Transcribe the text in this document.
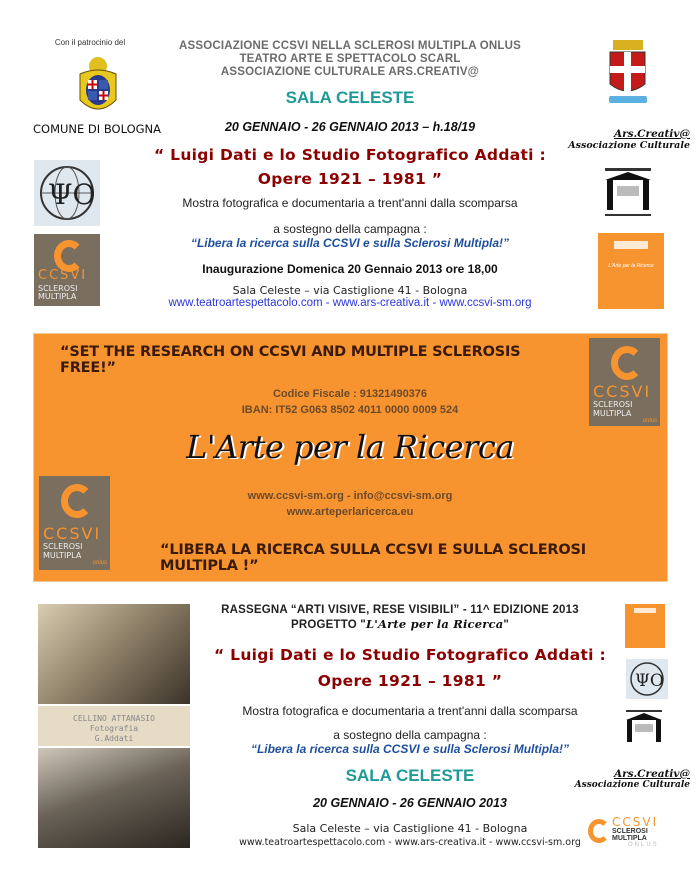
Con il patrocinio del
COMUNE DI BOLOGNA
ASSOCIAZIONE CCSVI NELLA SCLEROSI MULTIPLA ONLUS
TEATRO ARTE E SPETTACOLO SCARL
ASSOCIAZIONE CULTURALE ARS.CREATIV@
SALA CELESTE
20 GENNAIO - 26 GENNAIO 2013 – h.18/19
“ Luigi Dati e lo Studio Fotografico Addati :
Opere 1921 – 1981 ”
Mostra fotografica e documentaria a trent'anni dalla scomparsa
a sostegno della campagna :
“Libera la ricerca sulla CCSVI e sulla Sclerosi Multipla!”
Inaugurazione Domenica 20 Gennaio 2013 ore 18,00
Sala Celeste – via Castiglione 41 - Bologna
www.teatroartespettacolo.com - www.ars-creativa.it - www.ccsvi-sm.org
ΨO
CCSVI
SCLEROSI
MULTIPLA
Ars.Creativ@
Associazione Culturale
L'Arte per la Ricerca
“SET THE RESEARCH ON CCSVI AND MULTIPLE SCLEROSIS FREE!”
Codice Fiscale : 91321490376
IBAN: IT52 G063 8502 4011 0000 0009 524
L'Arte per la Ricerca
www.ccsvi-sm.org - info@ccsvi-sm.org
www.arteperlaricerca.eu
“LIBERA LA RICERCA SULLA CCSVI E SULLA SCLEROSI MULTIPLA !”
CCSVI
SCLEROSI
MULTIPLA
onlus
CCSVI
SCLEROSI
MULTIPLA
onlus
CELLINO ATTANASIO
Fotografia
G.Addati
RASSEGNA “ARTI VISIVE, RESE VISIBILI” - 11^ EDIZIONE 2013
PROGETTO "L'Arte per la Ricerca"
“ Luigi Dati e lo Studio Fotografico Addati :
Opere 1921 – 1981 ”
Mostra fotografica e documentaria a trent'anni dalla scomparsa
a sostegno della campagna :
“Libera la ricerca sulla CCSVI e sulla Sclerosi Multipla!”
SALA CELESTE
20 GENNAIO - 26 GENNAIO 2013
Sala Celeste – via Castiglione 41 - Bologna
www.teatroartespettacolo.com - www.ars-creativa.it - www.ccsvi-sm.org
ΨO
Ars.Creativ@
Associazione Culturale
CCSVI
SCLEROSI
MULTIPLA
ONLUS
